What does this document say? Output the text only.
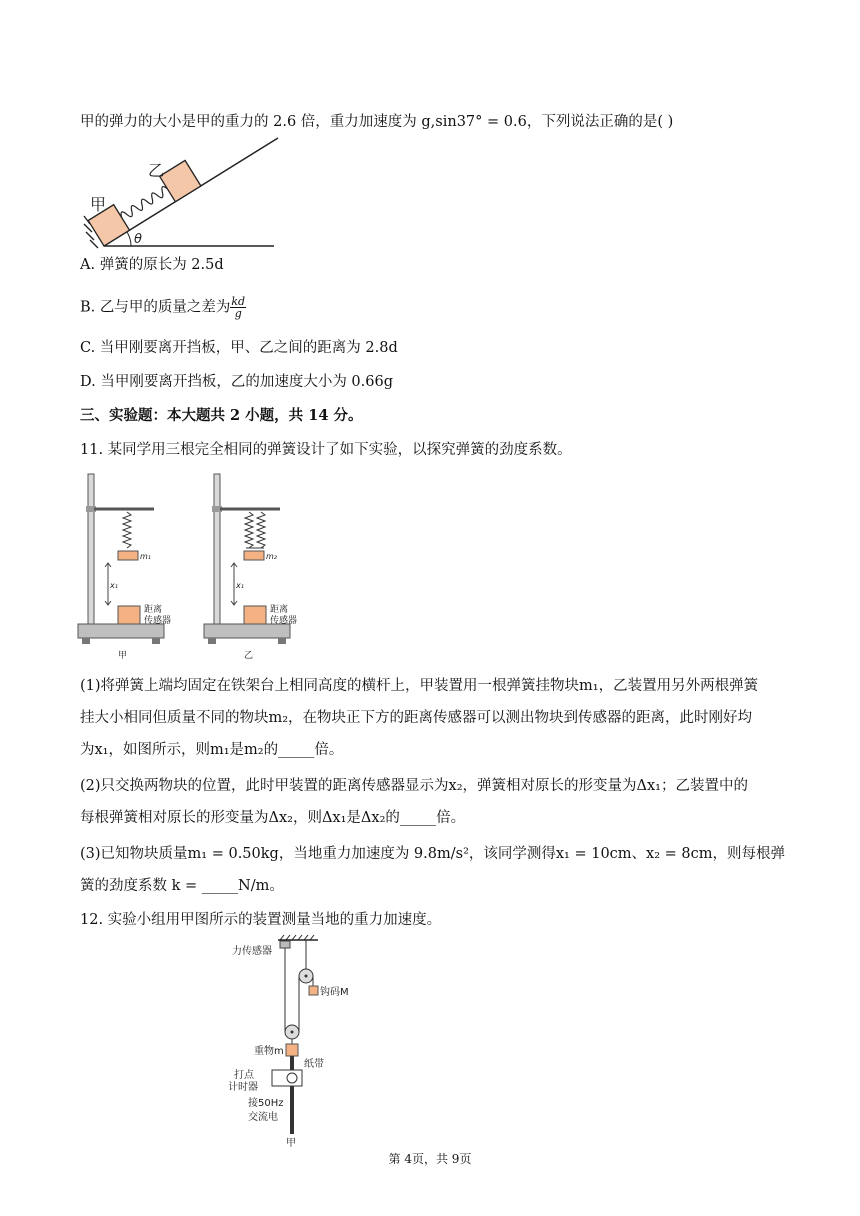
甲的弹力的大小是甲的重力的 2.6 倍，重力加速度为 g,sin37° = 0.6，下列说法正确的是( )
θ
甲
乙
A. 弹簧的原长为 2.5d
B. 乙与甲的质量之差为 $\frac{kd}{g}$
C. 当甲刚要离开挡板，甲、乙之间的距离为 2.8d
D. 当甲刚要离开挡板，乙的加速度大小为 0.66g
三、实验题：本大题共 2 小题，共 14 分。
11. 某同学用三根完全相同的弹簧设计了如下实验，以探究弹簧的劲度系数。
m₁
x₁
距离
传感器
甲
m₂
x₁
距离
传感器
乙
(1)将弹簧上端均固定在铁架台上相同高度的横杆上，甲装置用一根弹簧挂物块m₁，乙装置用另外两根弹簧
挂大小相同但质量不同的物块m₂，在物块正下方的距离传感器可以测出物块到传感器的距离，此时刚好均
为x₁，如图所示，则m₁是m₂的_____倍。
(2)只交换两物块的位置，此时甲装置的距离传感器显示为x₂，弹簧相对原长的形变量为Δx₁；乙装置中的
每根弹簧相对原长的形变量为Δx₂，则Δx₁是Δx₂的_____倍。
(3)已知物块质量m₁ = 0.50kg，当地重力加速度为 9.8m/s²，该同学测得x₁ = 10cm、x₂ = 8cm，则每根弹
簧的劲度系数 k = _____N/m。
12. 实验小组用甲图所示的装置测量当地的重力加速度。
力传感器
钩码M
重物m
纸带
打点
计时器
接50Hz
交流电
甲
第 4页，共 9页
